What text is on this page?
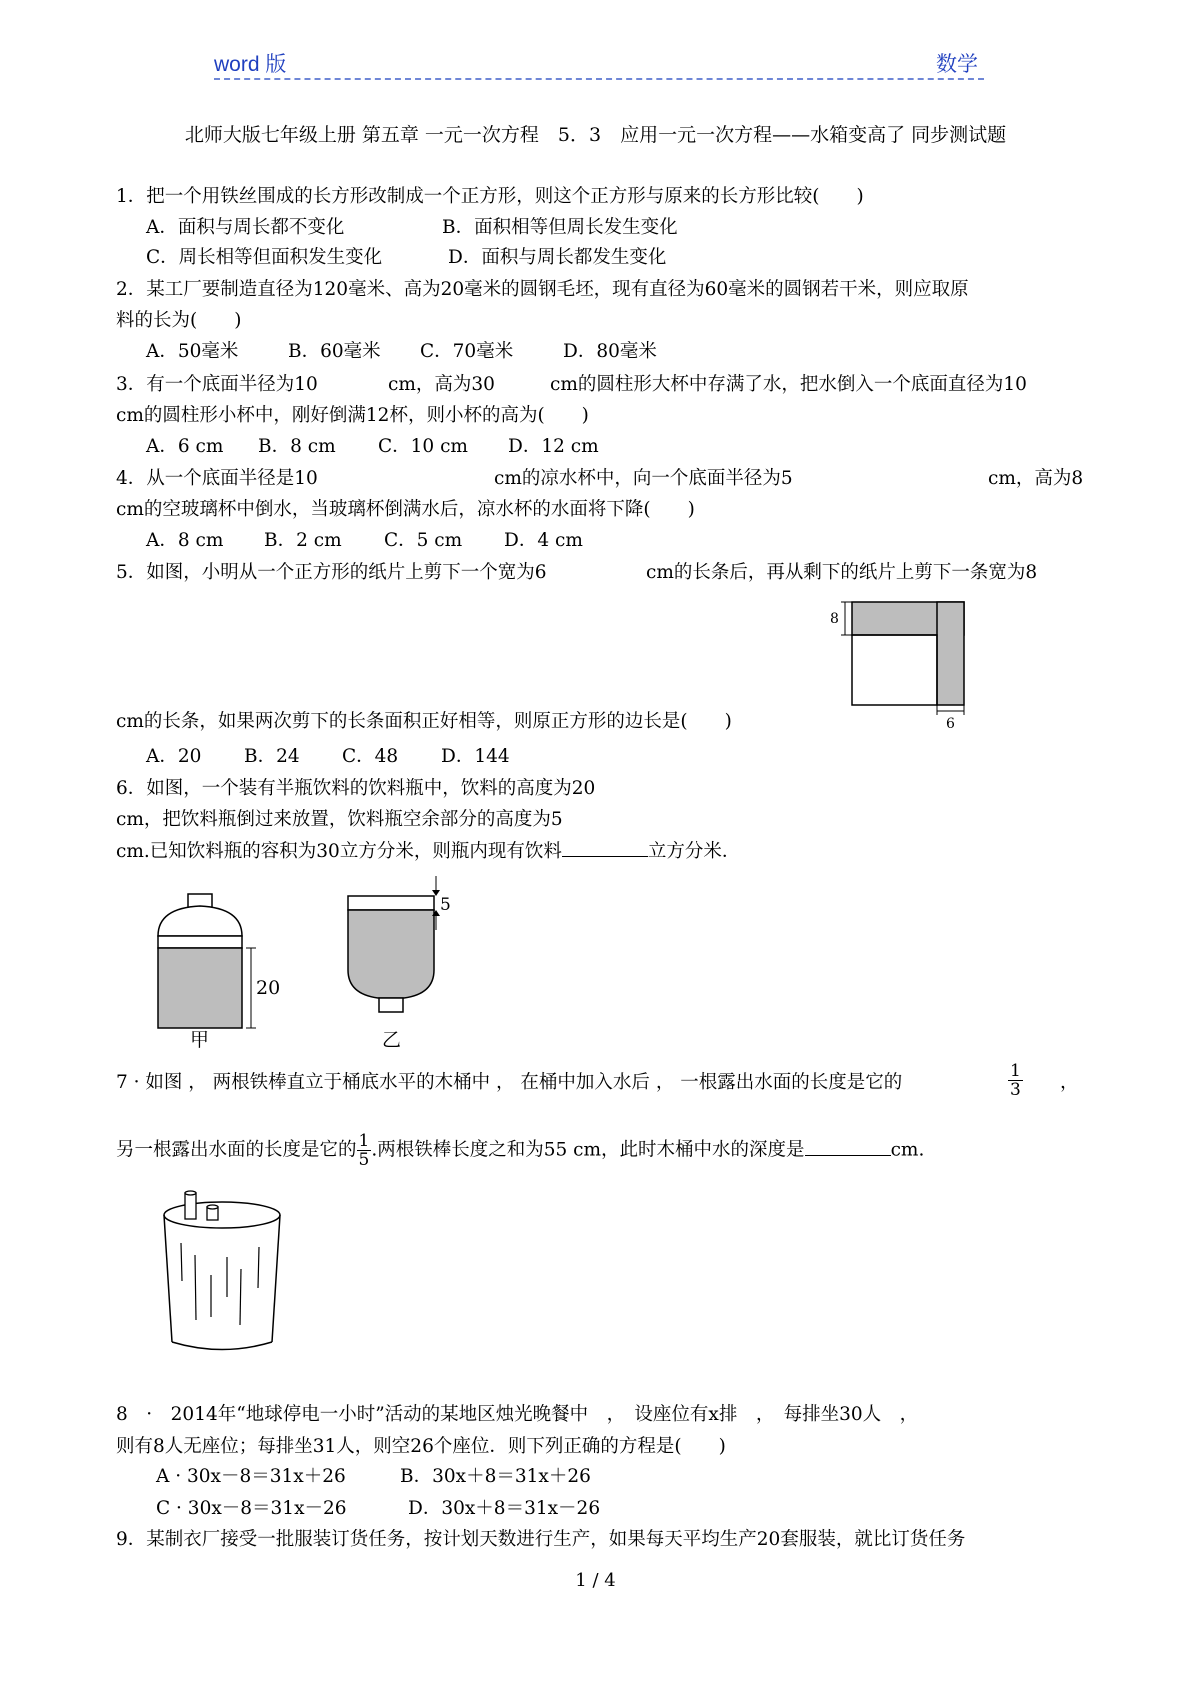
word 版	数学
北师大版七年级上册 第五章 一元一次方程　5．3　应用一元一次方程——水箱变高了 同步测试题
1．把一个用铁丝围成的长方形改制成一个正方形，则这个正方形与原来的长方形比较(　　)
A．面积与周长都不变化	B．面积相等但周长发生变化
C．周长相等但面积发生变化	D．面积与周长都发生变化
2．某工厂要制造直径为120毫米、高为20毫米的圆钢毛坯，现有直径为60毫米的圆钢若干米，则应取原
料的长为(　　)
A．50毫米	B．60毫米 C．70毫米	D．80毫米
3．有一个底面半径为10	cm，高为30	cm的圆柱形大杯中存满了水，把水倒入一个底面直径为10
cm的圆柱形小杯中，刚好倒满12杯，则小杯的高为(　　)
A．6 cm B．8 cm C．10 cm D．12 cm
4．从一个底面半径是10	cm的凉水杯中，向一个底面半径为5	cm，高为8
cm的空玻璃杯中倒水，当玻璃杯倒满水后，凉水杯的水面将下降(　　)
A．8 cm B．2 cm C．5 cm D．4 cm
5．如图，小明从一个正方形的纸片上剪下一个宽为6	cm的长条后，再从剩下的纸片上剪下一条宽为8
8
6
cm的长条，如果两次剪下的长条面积正好相等，则原正方形的边长是(　　)
A．20 B．24 C．48 D．144
6．如图，一个装有半瓶饮料的饮料瓶中，饮料的高度为20
cm，把饮料瓶倒过来放置，饮料瓶空余部分的高度为5
cm.已知饮料瓶的容积为30立方分米，则瓶内现有饮料	立方分米．
20
甲
5
乙
7 · 如图 ， 两根铁棒直立于桶底水平的木桶中 ， 在桶中加入水后 ， 一根露出水面的长度是它的	$\frac{1}{3}$ ，
另一根露出水面的长度是它的 $\frac{1}{5}$ .两根铁棒长度之和为55 cm，此时木桶中水的深度是	cm.
8　·　2014年“地球停电一小时”活动的某地区烛光晚餐中　，　设座位有x排　，　每排坐30人　，
则有8人无座位；每排坐31人，则空26个座位．则下列正确的方程是(　　)
A · 30x－8＝31x＋26	B．30x＋8＝31x＋26
C · 30x－8＝31x－26	D．30x＋8＝31x－26
9．某制衣厂接受一批服装订货任务，按计划天数进行生产，如果每天平均生产20套服装，就比订货任务
1 / 4
